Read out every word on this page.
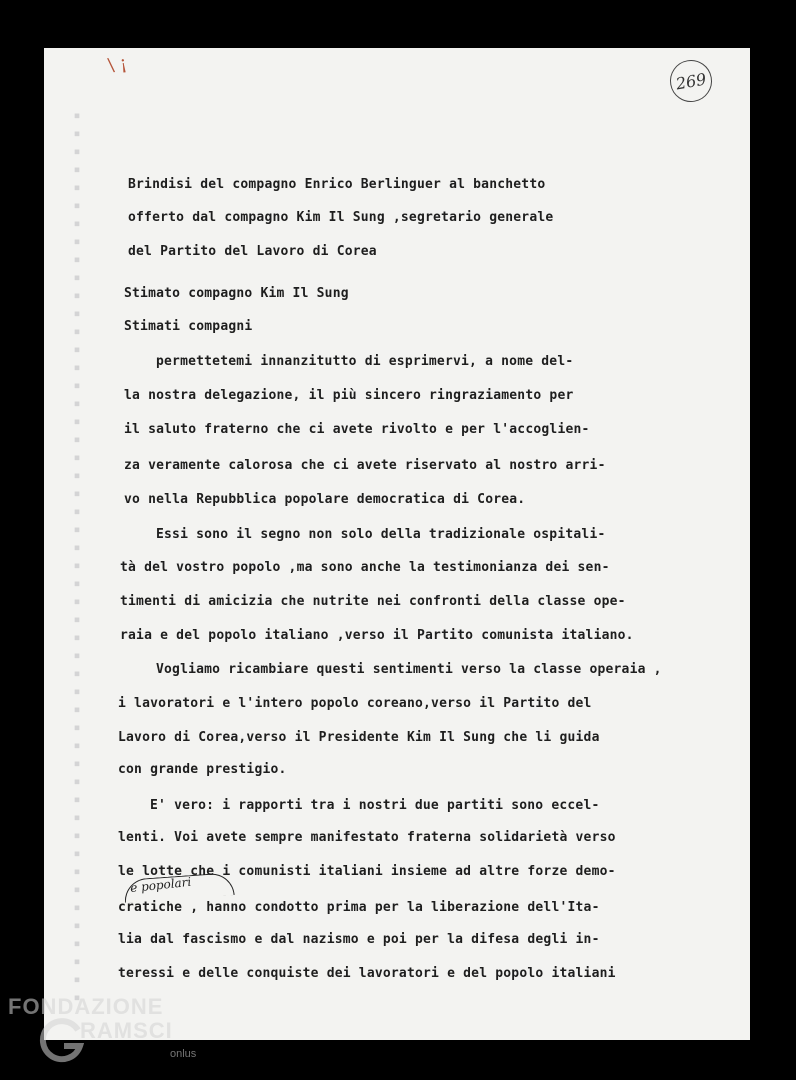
▪▪▪▪▪▪▪▪▪▪▪▪▪▪▪▪▪▪▪▪▪▪▪▪▪▪▪▪▪▪▪▪▪▪▪▪▪▪▪▪▪▪▪▪▪▪▪▪▪▪
\ ¡
269

Brindisi del compagno Enrico Berlinguer al banchetto

offerto dal compagno Kim Il Sung ,segretario generale

del Partito del Lavoro di Corea

Stimato compagno Kim Il Sung

Stimati compagni

permettetemi innanzitutto di esprimervi, a nome del-

la nostra delegazione, il più sincero ringraziamento per

il saluto fraterno che ci avete rivolto e per l'accoglien-

za veramente calorosa che ci avete riservato al nostro arri-

vo nella Repubblica popolare democratica di Corea.

Essi sono il segno non solo della tradizionale ospitali-

tà del vostro popolo ,ma sono anche la testimonianza dei sen-

timenti di amicizia che nutrite nei confronti della classe ope-

raia e del popolo italiano ,verso il Partito comunista italiano.

Vogliamo ricambiare questi sentimenti verso la classe operaia ,

i lavoratori e l'intero popolo coreano,verso il Partito del

Lavoro di Corea,verso il Presidente Kim Il Sung che li guida

con grande prestigio.

E' vero: i rapporti tra i nostri due partiti sono eccel-

lenti. Voi avete sempre manifestato fraterna solidarietà verso

le lotte che i comunisti italiani insieme ad altre forze demo-

cratiche , hanno condotto prima per la liberazione dell'Ita-

lia dal fascismo e dal nazismo e poi per la difesa degli in-

teressi e delle conquiste dei lavoratori e del popolo italiani

e popolari
FONDAZIONE
RAMSCI
onlus
